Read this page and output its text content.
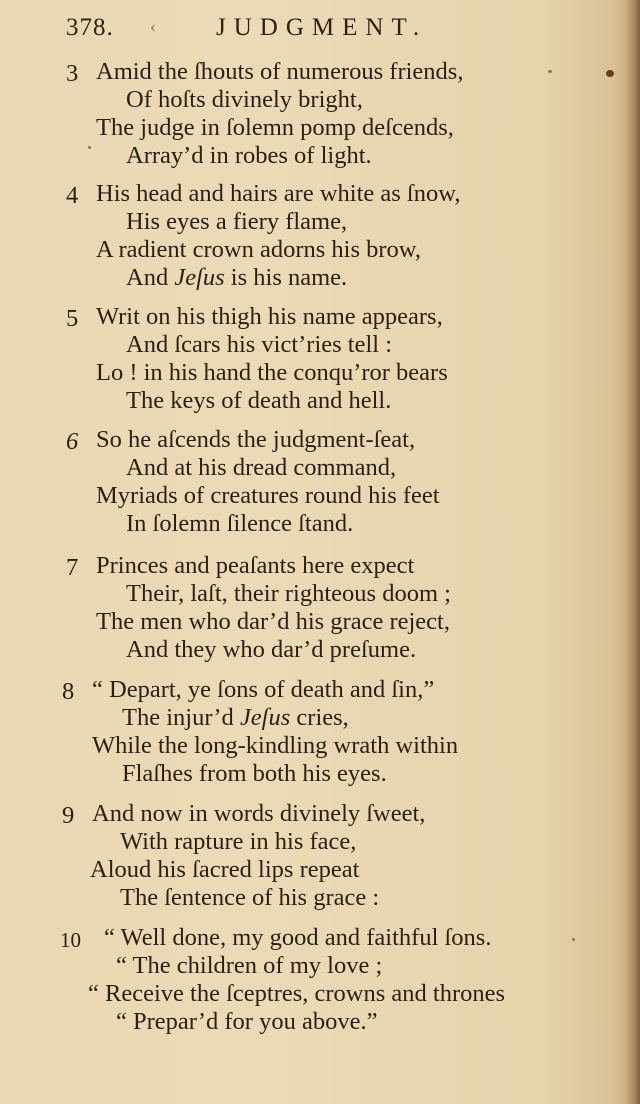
378. ‹ JUDGMENT.
3 Amid the ſhouts of numerous friends,
Of hoſts divinely bright,
The judge in ſolemn pomp deſcends,
Array’d in robes of light.
4 His head and hairs are white as ſnow,
His eyes a fiery flame,
A radient crown adorns his brow,
And Jeſus is his name.
5 Writ on his thigh his name appears,
And ſcars his vict’ries tell :
Lo ! in his hand the conqu’ror bears
The keys of death and hell.
6 So he aſcends the judgment-ſeat,
And at his dread command,
Myriads of creatures round his feet
In ſolemn ſilence ſtand.
7 Princes and peaſants here expect
Their, laſt, their righteous doom ;
The men who dar’d his grace reject,
And they who dar’d preſume.
8 “ Depart, ye ſons of death and ſin,”
The injur’d Jeſus cries,
While the long-kindling wrath within
Flaſhes from both his eyes.
9 And now in words divinely ſweet,
With rapture in his face,
Aloud his ſacred lips repeat
The ſentence of his grace :
10 “ Well done, my good and faithful ſons.
“ The children of my love ;
“ Receive the ſceptres, crowns and thrones
“ Prepar’d for you above.”
